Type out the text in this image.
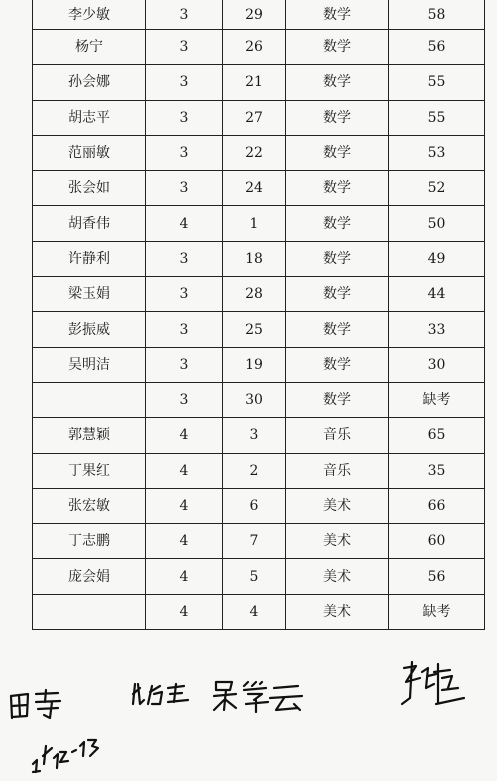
李少敏	3	29	数学	58
杨宁	3	26	数学	56
孙会娜	3	21	数学	55
胡志平	3	27	数学	55
范丽敏	3	22	数学	53
张会如	3	24	数学	52
胡香伟	4	1	数学	50
许静利	3	18	数学	49
梁玉娟	3	28	数学	44
彭振威	3	25	数学	33
吴明洁	3	19	数学	30
	3	30	数学	缺考
郭慧颖	4	3	音乐	65
丁果红	4	2	音乐	35
张宏敏	4	6	美术	66
丁志鹏	4	7	美术	60
庞会娟	4	5	美术	56
	4	4	美术	缺考
